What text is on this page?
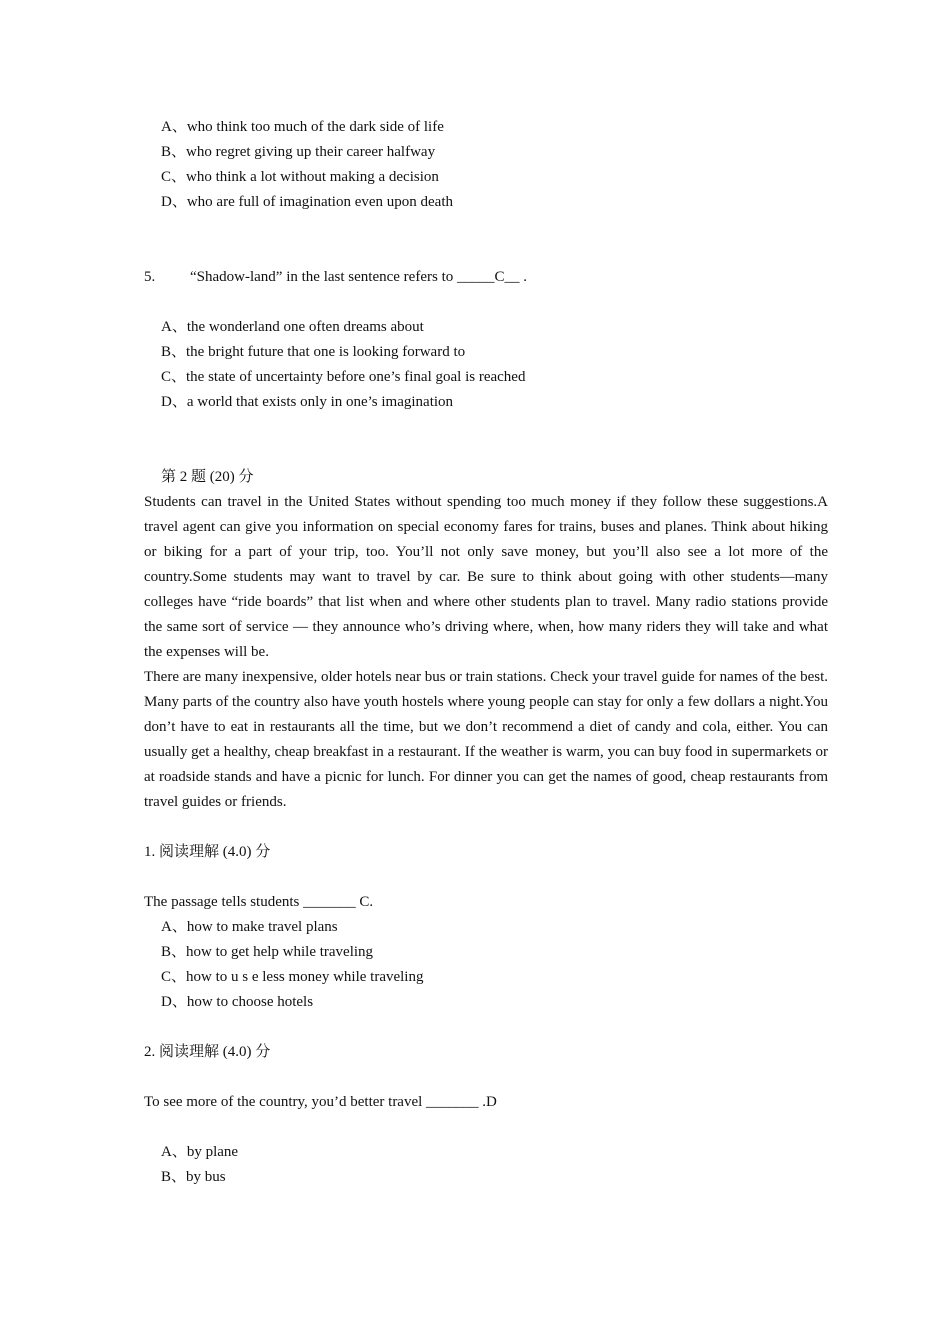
A、who think too much of the dark side of life
B、who regret giving up their career halfway
C、who think a lot without making a decision
D、who are full of imagination even upon death
5. “Shadow-land” in the last sentence refers to _____C__ .
A、the wonderland one often dreams about
B、the bright future that one is looking forward to
C、the state of uncertainty before one’s final goal is reached
D、a world that exists only in one’s imagination
第 2 题 (20) 分

Students can travel in the United States without spending too much money if they follow these suggestions.A travel agent can give you information on special economy fares for trains, buses and planes. Think about hiking or biking for a part of your trip, too. You’ll not only save money, but you’ll also see a lot more of the country.Some students may want to travel by car. Be sure to think about going with other students—many colleges have “ride boards” that list when and where other students plan to travel. Many radio stations provide the same sort of service — they announce who’s driving where, when, how many riders they will take and what the expenses will be.

There are many inexpensive, older hotels near bus or train stations. Check your travel guide for names of the best. Many parts of the country also have youth hostels where young people can stay for only a few dollars a night.You don’t have to eat in restaurants all the time, but we don’t recommend a diet of candy and cola, either. You can usually get a healthy, cheap breakfast in a restaurant. If the weather is warm, you can buy food in supermarkets or at roadside stands and have a picnic for lunch. For dinner you can get the names of good, cheap restaurants from travel guides or friends.

1. 阅读理解 (4.0) 分
The passage tells students _______ C.
A、how to make travel plans
B、how to get help while traveling
C、how to u s e less money while traveling
D、how to choose hotels
2. 阅读理解 (4.0) 分
To see more of the country, you’d better travel _______ .D
A、by plane
B、by bus
